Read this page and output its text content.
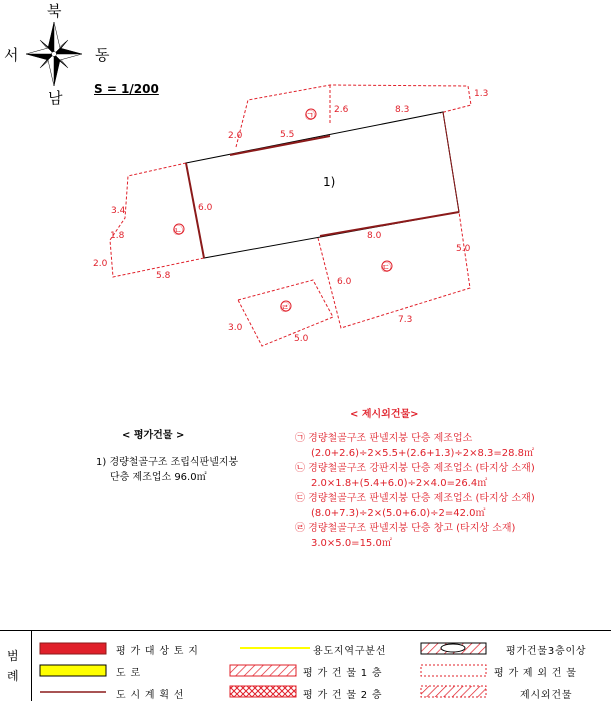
북
남
서	동
S = 1/200
㉠
㉡
㉢
㉣
1)
1.3
2.6	8.3
2.0	5.5
3.4	6.0
1.8
2.0
5.8
8.0
5.0
6.0
7.3
3.0
5.0
< 평가건물 >
1) 경량철골구조 조립식판넬지붕
단층 제조업소 96.0㎡
< 제시외건물>
㉠ 경량철골구조 판넬지붕 단층 제조업소
(2.0+2.6)÷2×5.5+(2.6+1.3)÷2×8.3=28.8㎡
㉡ 경량철골구조 강판지붕 단층 제조업소 (타지상 소재)
2.0×1.8+(5.4+6.0)÷2×4.0=26.4㎡
㉢ 경량철골구조 판넬지붕 단층 제조업소 (타지상 소재)
(8.0+7.3)÷2×(5.0+6.0)÷2=42.0㎡
㉣ 경량철골구조 판넬지붕 단층 창고 (타지상 소재)
3.0×5.0=15.0㎡
범
례
평 가 대 상 토 지	용도지역구분선	평가건물3층이상
도 로	평 가 건 물 1 층	평 가 제 외 건 물
도 시 계 획 선	평 가 건 물 2 층	제시외건물
